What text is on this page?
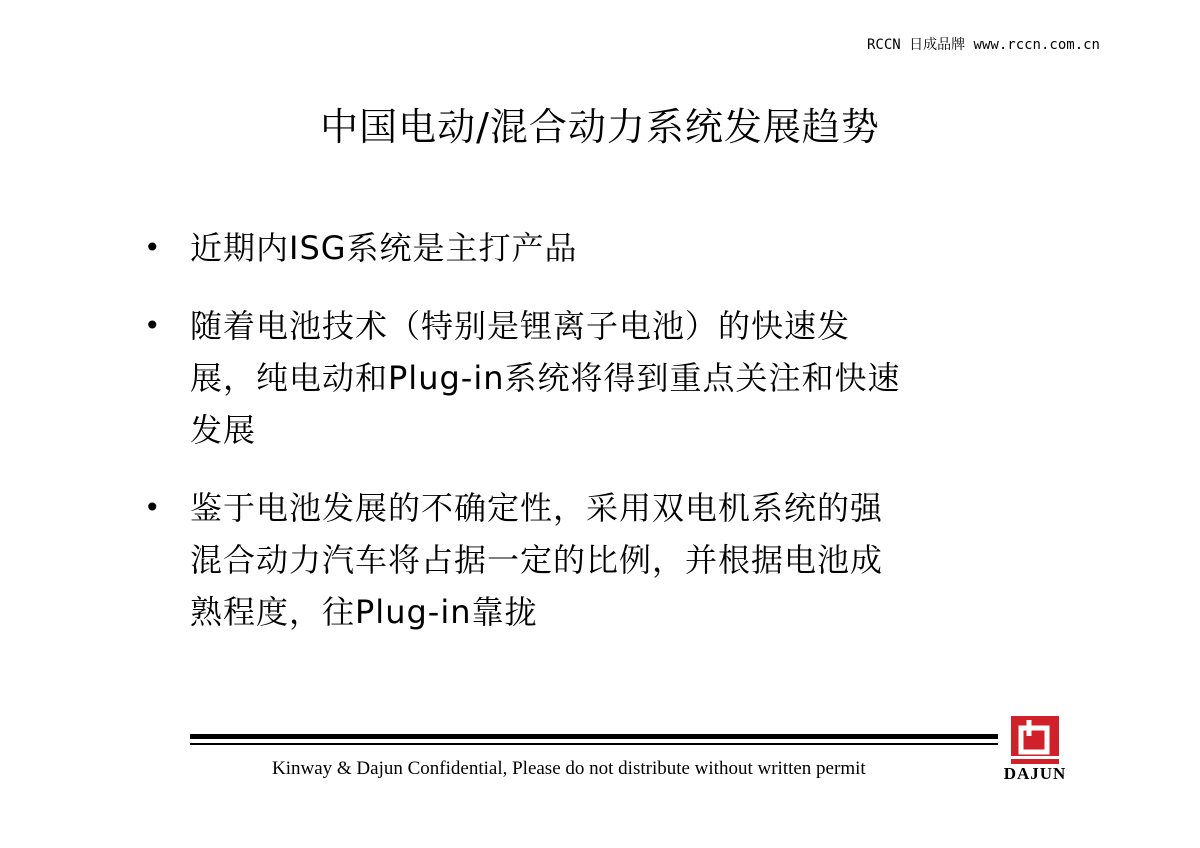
RCCN 日成品牌 www.rccn.com.cn
中国电动/混合动力系统发展趋势
• 近期内ISG系统是主打产品
• 随着电池技术（特别是锂离子电池）的快速发
展，纯电动和Plug-in系统将得到重点关注和快速
发展
• 鉴于电池发展的不确定性，采用双电机系统的强
混合动力汽车将占据一定的比例，并根据电池成
熟程度，往Plug-in靠拢
Kinway & Dajun Confidential, Please do not distribute without written permit	DAJUN
